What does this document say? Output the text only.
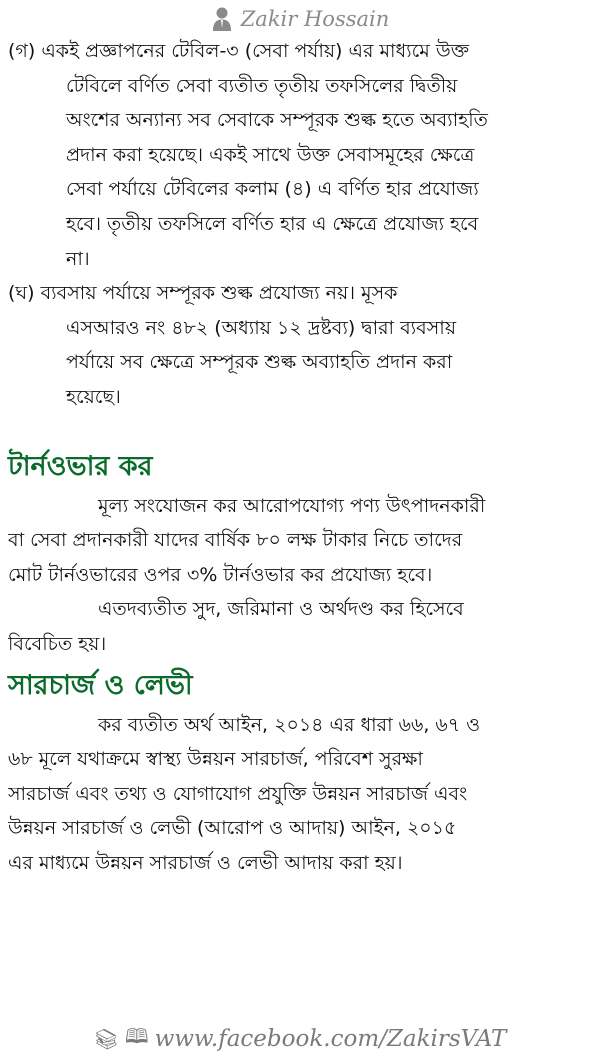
Zakir Hossain
(গ) একই প্রজ্ঞাপনের টেবিল-৩ (সেবা পর্যায়) এর মাধ্যমে উক্ত
টেবিলে বর্ণিত সেবা ব্যতীত তৃতীয় তফসিলের দ্বিতীয়
অংশের অন্যান্য সব সেবাকে সম্পূরক শুল্ক হতে অব্যাহতি
প্রদান করা হয়েছে। একই সাথে উক্ত সেবাসমূহের ক্ষেত্রে
সেবা পর্যায়ে টেবিলের কলাম (৪) এ বর্ণিত হার প্রযোজ্য
হবে। তৃতীয় তফসিলে বর্ণিত হার এ ক্ষেত্রে প্রযোজ্য হবে
না।
(ঘ) ব্যবসায় পর্যায়ে সম্পূরক শুল্ক প্রযোজ্য নয়। মূসক
এসআরও নং ৪৮২ (অধ্যায় ১২ দ্রষ্টব্য) দ্বারা ব্যবসায়
পর্যায়ে সব ক্ষেত্রে সম্পূরক শুল্ক অব্যাহতি প্রদান করা
হয়েছে।
টার্নওভার কর
মূল্য সংযোজন কর আরোপযোগ্য পণ্য উৎপাদনকারী
বা সেবা প্রদানকারী যাদের বার্ষিক ৮০ লক্ষ টাকার নিচে তাদের
মোট টার্নওভারের ওপর ৩% টার্নওভার কর প্রযোজ্য হবে।
এতদব্যতীত সুদ, জরিমানা ও অর্থদণ্ড কর হিসেবে
বিবেচিত হয়।
সারচার্জ ও লেভী
কর ব্যতীত অর্থ আইন, ২০১৪ এর ধারা ৬৬, ৬৭ ও
৬৮ মূলে যথাক্রমে স্বাস্থ্য উন্নয়ন সারচার্জ, পরিবেশ সুরক্ষা
সারচার্জ এবং তথ্য ও যোগাযোগ প্রযুক্তি উন্নয়ন সারচার্জ এবং
উন্নয়ন সারচার্জ ও লেভী (আরোপ ও আদায়) আইন, ২০১৫
এর মাধ্যমে উন্নয়ন সারচার্জ ও লেভী আদায় করা হয়।
📚︎ 🕮︎ www.facebook.com/ZakirsVAT
